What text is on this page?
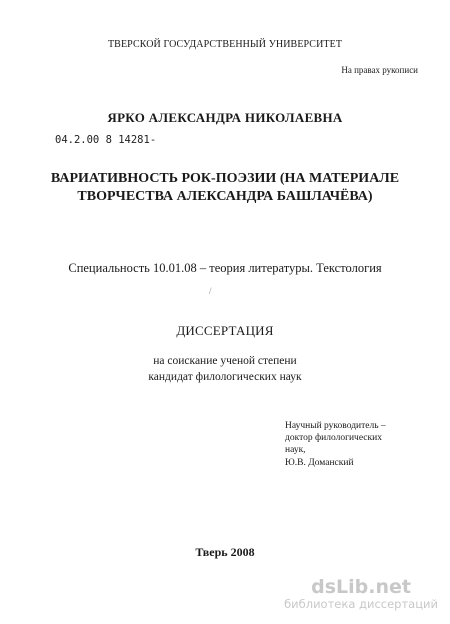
ТВЕРСКОЙ ГОСУДАРСТВЕННЫЙ УНИВЕРСИТЕТ
На правах рукописи
ЯРКО АЛЕКСАНДРА НИКОЛАЕВНА
04.2.00 8 14281-
ВАРИАТИВНОСТЬ РОК-ПОЭЗИИ (НА МАТЕРИАЛЕ
ТВОРЧЕСТВА АЛЕКСАНДРА БАШЛАЧЁВА)
Специальность 10.01.08 – теория литературы. Текстология
/
ДИССЕРТАЦИЯ
на соискание ученой степени
кандидат филологических наук
Научный руководитель –
доктор филологических
наук,
Ю.В. Доманский
Тверь 2008
dsLib.net
библиотека диссертаций
